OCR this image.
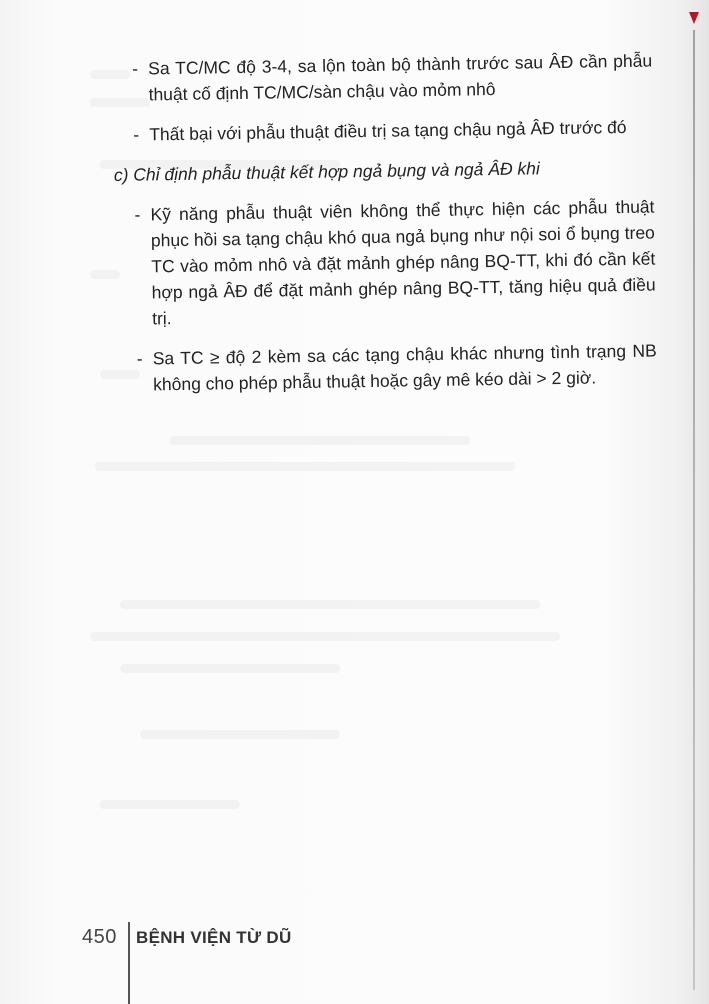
- Sa TC/MC độ 3-4, sa lộn toàn bộ thành trước sau ÂĐ cần phẫu thuật cố định TC/MC/sàn chậu vào mỏm nhô
- Thất bại với phẫu thuật điều trị sa tạng chậu ngả ÂĐ trước đó
c) Chỉ định phẫu thuật kết hợp ngả bụng và ngả ÂĐ khi
- Kỹ năng phẫu thuật viên không thể thực hiện các phẫu thuật phục hồi sa tạng chậu khó qua ngả bụng như nội soi ổ bụng treo TC vào mỏm nhô và đặt mảnh ghép nâng BQ-TT, khi đó cần kết hợp ngả ÂĐ để đặt mảnh ghép nâng BQ-TT, tăng hiệu quả điều trị.
- Sa TC ≥ độ 2 kèm sa các tạng chậu khác nhưng tình trạng NB không cho phép phẫu thuật hoặc gây mê kéo dài > 2 giờ.
450 BỆNH VIỆN TỪ DŨ
